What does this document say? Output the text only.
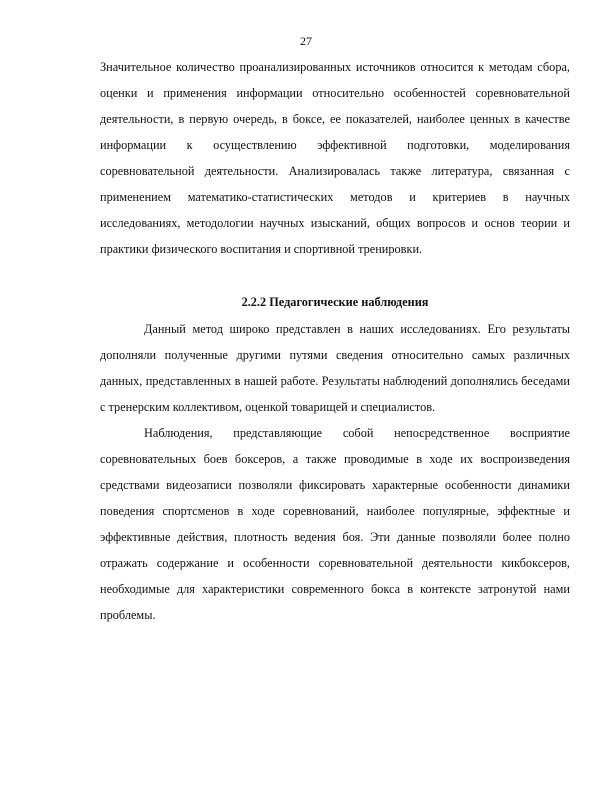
27

Значительное количество проанализированных источников относится к методам сбора, оценки и применения информации относительно особенностей соревновательной деятельности, в первую очередь, в боксе, ее показателей, наиболее ценных в качестве информации к осуществлению эффективной подготовки, моделирования соревновательной деятельности. Анализировалась также литература, связанная с применением математико-статистических методов и критериев в научных исследованиях, методологии научных изысканий, общих вопросов и основ теории и практики физического воспитания и спортивной тренировки.

2.2.2 Педагогические наблюдения

Данный метод широко представлен в наших исследованиях. Его результаты дополняли полученные другими путями сведения относительно самых различных данных, представленных в нашей работе. Результаты наблюдений дополнялись беседами с тренерским коллективом, оценкой товарищей и специалистов.

Наблюдения, представляющие собой непосредственное восприятие соревновательных боев боксеров, а также проводимые в ходе их воспроизведения средствами видеозаписи позволяли фиксировать характерные особенности динамики поведения спортсменов в ходе соревнований, наиболее популярные, эффектные и эффективные действия, плотность ведения боя. Эти данные позволяли более полно отражать содержание и особенности соревновательной деятельности кикбоксеров, необходимые для характеристики современного бокса в контексте затронутой нами проблемы.
